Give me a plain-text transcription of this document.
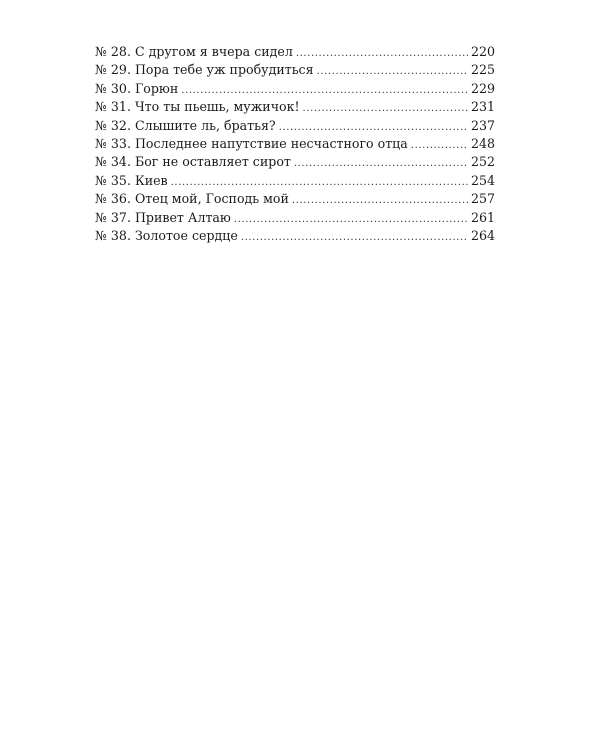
№ 28. С другом я вчера сидел .....	220
№ 29. Пора тебе уж пробудиться .....	225
№ 30. Горюн .....	229
№ 31. Что ты пьешь, мужичок! .....	231
№ 32. Слышите ль, братья? .....	237
№ 33. Последнее напутствие несчастного отца .....	248
№ 34. Бог не оставляет сирот .....	252
№ 35. Киев .....	254
№ 36. Отец мой, Господь мой .....	257
№ 37. Привет Алтаю .....	261
№ 38. Золотое сердце .....	264
